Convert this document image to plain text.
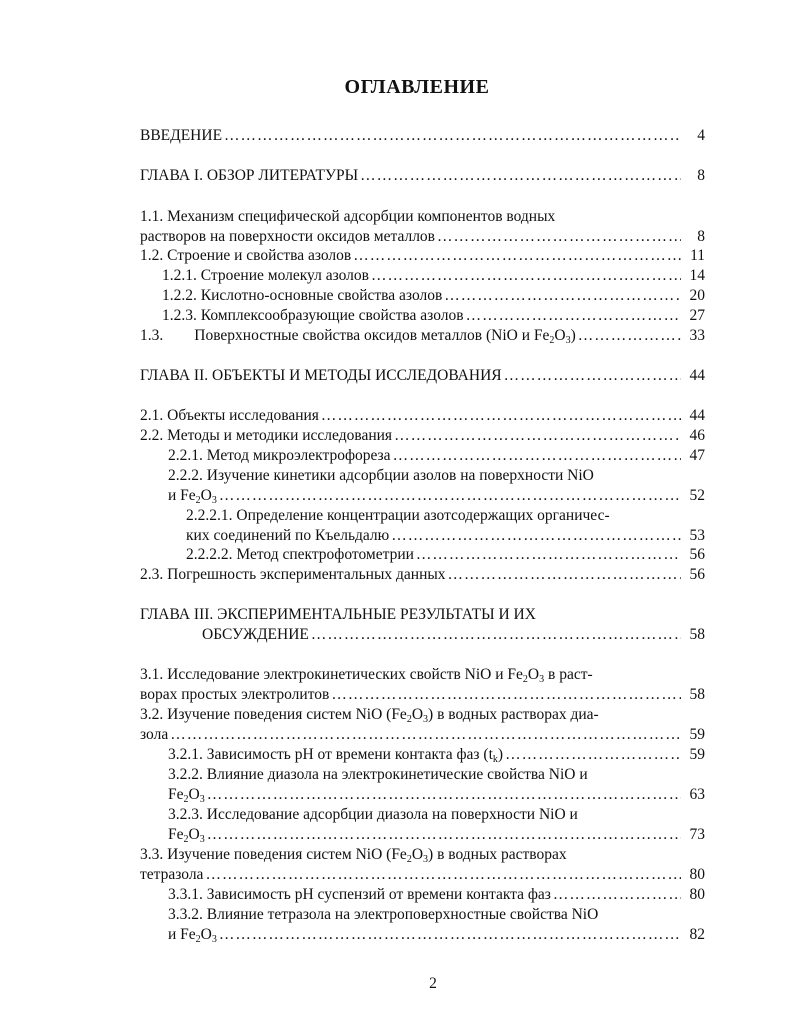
ОГЛАВЛЕНИЕ
ВВЕДЕНИЕ ……………………………………………………………………………………………………………………………………………………………………………………	4
ГЛАВА I. ОБЗОР ЛИТЕРАТУРЫ ……………………………………………………………………………………………………………………………………………………………………………………	8
1.1. Механизм специфической адсорбции компонентов водных
растворов на поверхности оксидов металлов ……………………………………………………………………………………………………………………………………………………………………………………	8
1.2. Строение и свойства азолов ……………………………………………………………………………………………………………………………………………………………………………………	11
1.2.1. Строение молекул азолов ……………………………………………………………………………………………………………………………………………………………………………………	14
1.2.2. Кислотно-основные свойства азолов ……………………………………………………………………………………………………………………………………………………………………………………	20
1.2.3. Комплексообразующие свойства азолов ……………………………………………………………………………………………………………………………………………………………………………………	27
1.3. Поверхностные свойства оксидов металлов (NiO и $Fe_2O_3$) ……………………………………………………………………………………………………………………………………………………………………………………	33
ГЛАВА II. ОБЪЕКТЫ И МЕТОДЫ ИССЛЕДОВАНИЯ ……………………………………………………………………………………………………………………………………………………………………………………	44
2.1. Объекты исследования ……………………………………………………………………………………………………………………………………………………………………………………	44
2.2. Методы и методики исследования ……………………………………………………………………………………………………………………………………………………………………………………	46
2.2.1. Метод микроэлектрофореза ……………………………………………………………………………………………………………………………………………………………………………………	47
2.2.2. Изучение кинетики адсорбции азолов на поверхности NiO
и $Fe_2O_3$ ……………………………………………………………………………………………………………………………………………………………………………………	52
2.2.2.1. Определение концентрации азотсодержащих органичес-
ких соединений по Къельдалю ……………………………………………………………………………………………………………………………………………………………………………………	53
2.2.2.2. Метод спектрофотометрии ……………………………………………………………………………………………………………………………………………………………………………………	56
2.3. Погрешность экспериментальных данных ……………………………………………………………………………………………………………………………………………………………………………………	56
ГЛАВА III. ЭКСПЕРИМЕНТАЛЬНЫЕ РЕЗУЛЬТАТЫ И ИХ
ОБСУЖДЕНИЕ ……………………………………………………………………………………………………………………………………………………………………………………	58
3.1. Исследование электрокинетических свойств NiO и $Fe_2O_3$ в раст-
ворах простых электролитов ……………………………………………………………………………………………………………………………………………………………………………………	58
3.2. Изучение поведения систем NiO $(Fe_2O_3)$ в водных растворах диа-
зола ……………………………………………………………………………………………………………………………………………………………………………………	59
3.2.1. Зависимость pH от времени контакта фаз $(t_k)$ ……………………………………………………………………………………………………………………………………………………………………………………	59
3.2.2. Влияние диазола на электрокинетические свойства NiO и
$Fe_2O_3$ ……………………………………………………………………………………………………………………………………………………………………………………	63
3.2.3. Исследование адсорбции диазола на поверхности NiO и
$Fe_2O_3$ ……………………………………………………………………………………………………………………………………………………………………………………	73
3.3. Изучение поведения систем NiO $(Fe_2O_3)$ в водных растворах
тетразола ……………………………………………………………………………………………………………………………………………………………………………………	80
3.3.1. Зависимость pH суспензий от времени контакта фаз ……………………………………………………………………………………………………………………………………………………………………………………	80
3.3.2. Влияние тетразола на электроповерхностные свойства NiO
и $Fe_2O_3$ ……………………………………………………………………………………………………………………………………………………………………………………	82
2
